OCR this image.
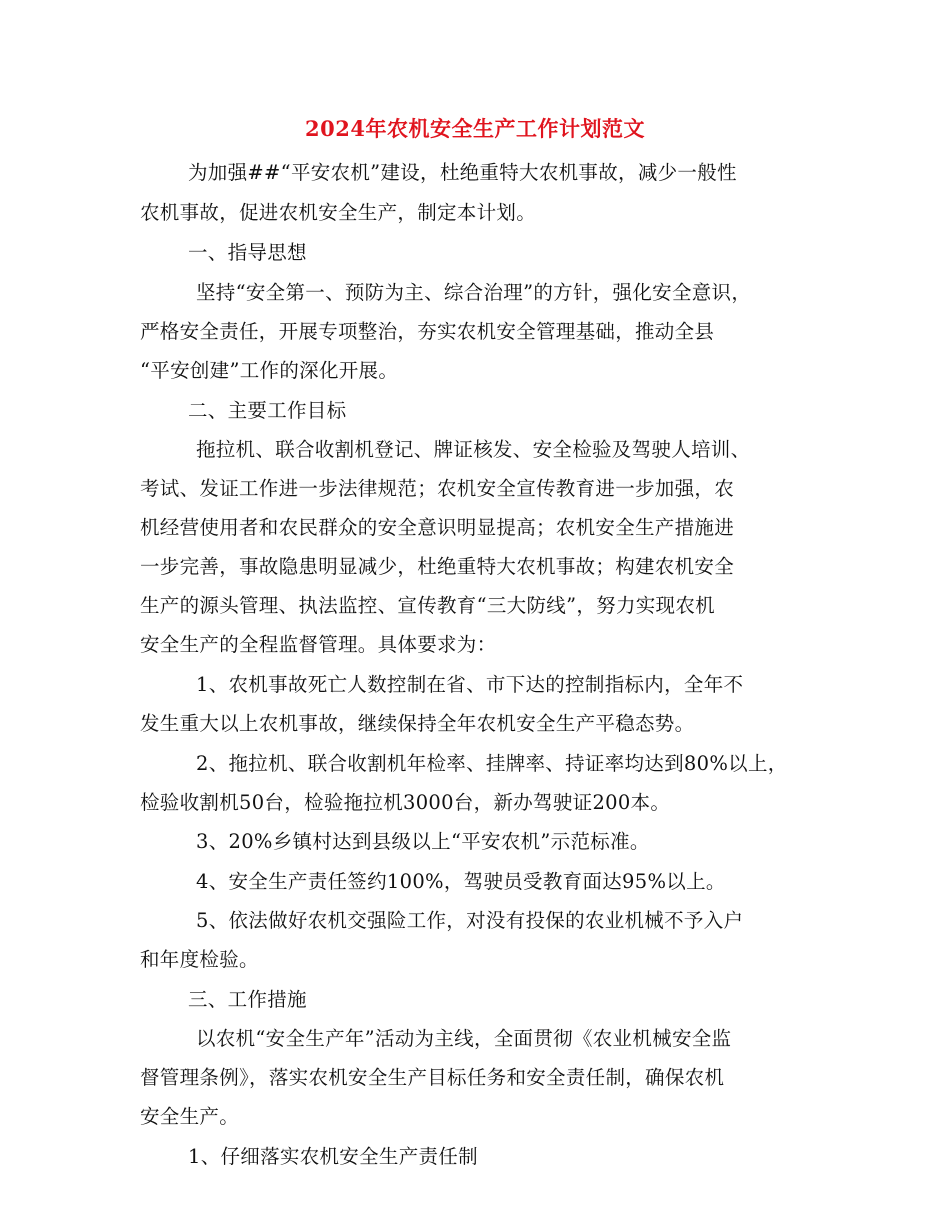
2024年农机安全生产工作计划范文
为加强##“平安农机”建设，杜绝重特大农机事故，减少一般性
农机事故，促进农机安全生产，制定本计划。
一、指导思想
坚持“安全第一、预防为主、综合治理”的方针，强化安全意识，
严格安全责任，开展专项整治，夯实农机安全管理基础，推动全县
“平安创建”工作的深化开展。
二、主要工作目标
拖拉机、联合收割机登记、牌证核发、安全检验及驾驶人培训、
考试、发证工作进一步法律规范；农机安全宣传教育进一步加强，农
机经营使用者和农民群众的安全意识明显提高；农机安全生产措施进
一步完善，事故隐患明显减少，杜绝重特大农机事故；构建农机安全
生产的源头管理、执法监控、宣传教育“三大防线”，努力实现农机
安全生产的全程监督管理。具体要求为：
1、农机事故死亡人数控制在省、市下达的控制指标内，全年不
发生重大以上农机事故，继续保持全年农机安全生产平稳态势。
2、拖拉机、联合收割机年检率、挂牌率、持证率均达到80%以上，
检验收割机50台，检验拖拉机3000台，新办驾驶证200本。
3、20%乡镇村达到县级以上“平安农机”示范标准。
4、安全生产责任签约100%，驾驶员受教育面达95%以上。
5、依法做好农机交强险工作，对没有投保的农业机械不予入户
和年度检验。
三、工作措施
以农机“安全生产年”活动为主线，全面贯彻《农业机械安全监
督管理条例》，落实农机安全生产目标任务和安全责任制，确保农机
安全生产。
1、仔细落实农机安全生产责任制
